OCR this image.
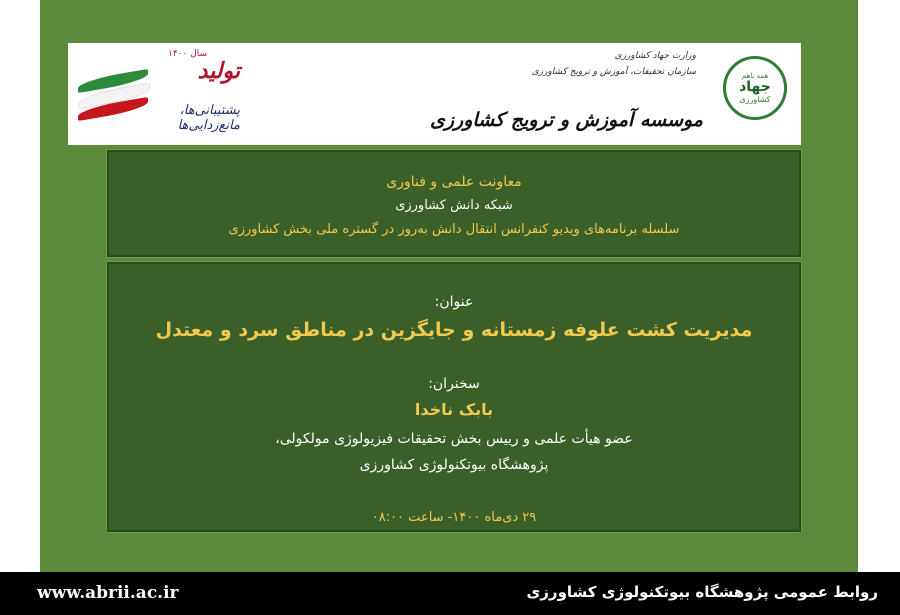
سال ۱۴۰۰
تولید
پشتیبانی‌ها، مانع‌زدایی‌ها
وزارت جهاد کشاورزی
سازمان تحقیقات، آموزش و ترویج کشاورزی
موسسه آموزش و ترویج کشاورزی
همه باهم
جهاد
کشاورزی
معاونت علمی و فناوری
شبکه دانش کشاورزی
سلسله برنامه‌های ویدیو کنفرانس انتقال دانش به‌روز در گستره ملی بخش کشاورزی
عنوان:
مدیریت کشت علوفه زمستانه و جایگزین در مناطق سرد و معتدل
سخنران:
بابک ناخدا
عضو هیأت علمی و رییس بخش تحقیقات فیزیولوژی مولکولی،
پژوهشگاه بیوتکنولوژی کشاورزی
۲۹ دی‌ماه ۱۴۰۰- ساعت ۰۸:۰۰
www.abrii.ac.ir	روابط عمومی پژوهشگاه بیوتکنولوژی کشاورزی
